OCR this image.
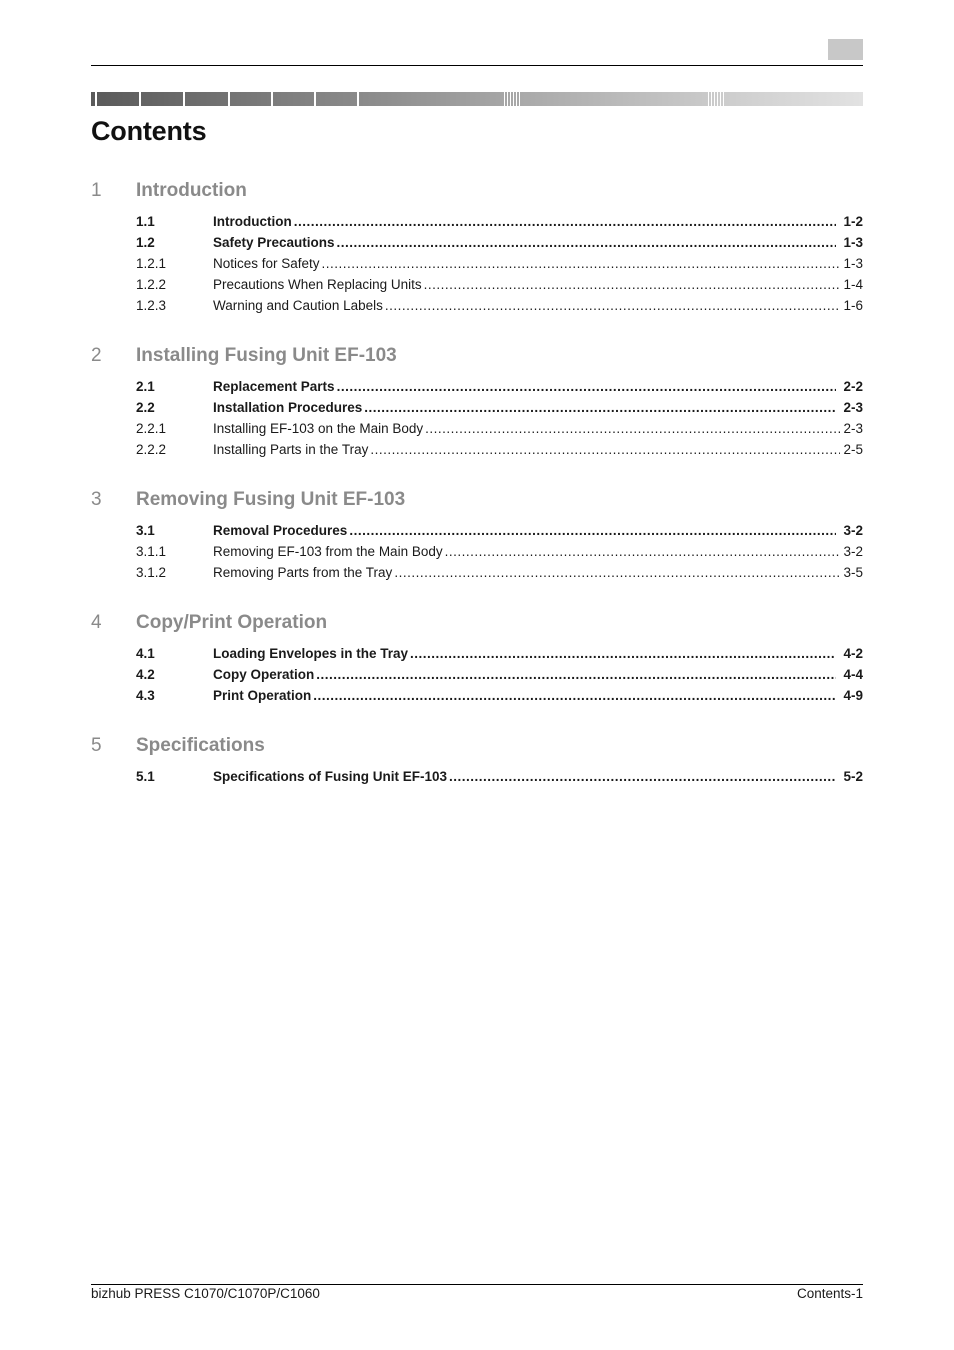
Contents
1	Introduction
1.1	Introduction .....	1-2
1.2	Safety Precautions .....	1-3
1.2.1	Notices for Safety .....	1-3
1.2.2	Precautions When Replacing Units .....	1-4
1.2.3	Warning and Caution Labels .....	1-6
2	Installing Fusing Unit EF-103
2.1	Replacement Parts .....	2-2
2.2	Installation Procedures .....	2-3
2.2.1	Installing EF-103 on the Main Body .....	2-3
2.2.2	Installing Parts in the Tray .....	2-5
3	Removing Fusing Unit EF-103
3.1	Removal Procedures .....	3-2
3.1.1	Removing EF-103 from the Main Body .....	3-2
3.1.2	Removing Parts from the Tray .....	3-5
4	Copy/Print Operation
4.1	Loading Envelopes in the Tray .....	4-2
4.2	Copy Operation .....	4-4
4.3	Print Operation .....	4-9
5	Specifications
5.1	Specifications of Fusing Unit EF-103 .....	5-2
bizhub PRESS C1070/C1070P/C1060	Contents-1
